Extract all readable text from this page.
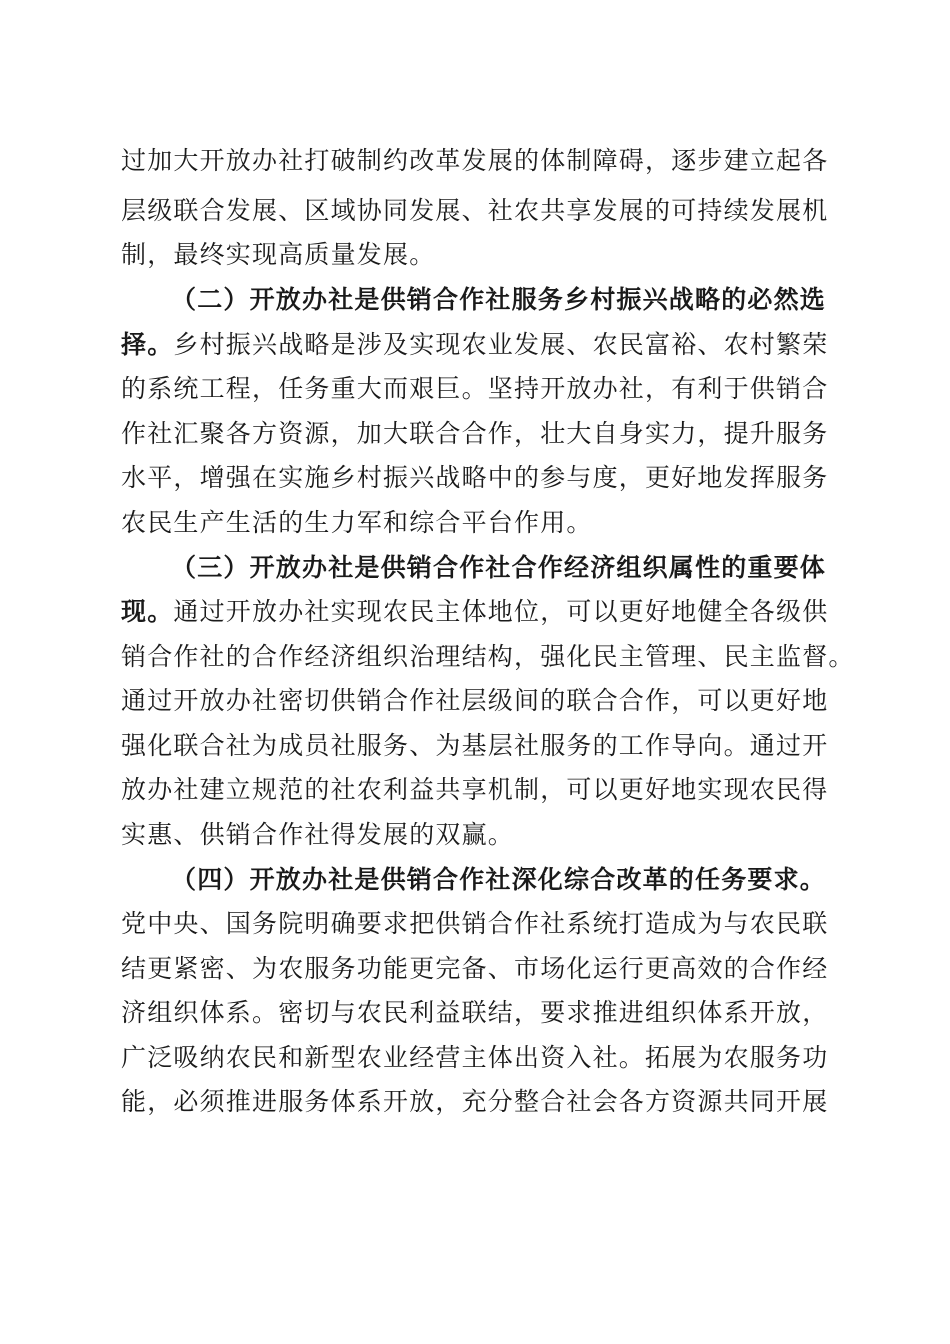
过加大开放办社打破制约改革发展的体制障碍，逐步建立起各
层级联合发展、区域协同发展、社农共享发展的可持续发展机
制，最终实现高质量发展。
（二）开放办社是供销合作社服务乡村振兴战略的必然选
择。乡村振兴战略是涉及实现农业发展、农民富裕、农村繁荣
的系统工程，任务重大而艰巨。坚持开放办社，有利于供销合
作社汇聚各方资源，加大联合合作，壮大自身实力，提升服务
水平，增强在实施乡村振兴战略中的参与度，更好地发挥服务
农民生产生活的生力军和综合平台作用。
（三）开放办社是供销合作社合作经济组织属性的重要体
现。通过开放办社实现农民主体地位，可以更好地健全各级供
销合作社的合作经济组织治理结构，强化民主管理、民主监督。
通过开放办社密切供销合作社层级间的联合合作，可以更好地
强化联合社为成员社服务、为基层社服务的工作导向。通过开
放办社建立规范的社农利益共享机制，可以更好地实现农民得
实惠、供销合作社得发展的双赢。
（四）开放办社是供销合作社深化综合改革的任务要求。
党中央、国务院明确要求把供销合作社系统打造成为与农民联
结更紧密、为农服务功能更完备、市场化运行更高效的合作经
济组织体系。密切与农民利益联结，要求推进组织体系开放，
广泛吸纳农民和新型农业经营主体出资入社。拓展为农服务功
能，必须推进服务体系开放，充分整合社会各方资源共同开展
